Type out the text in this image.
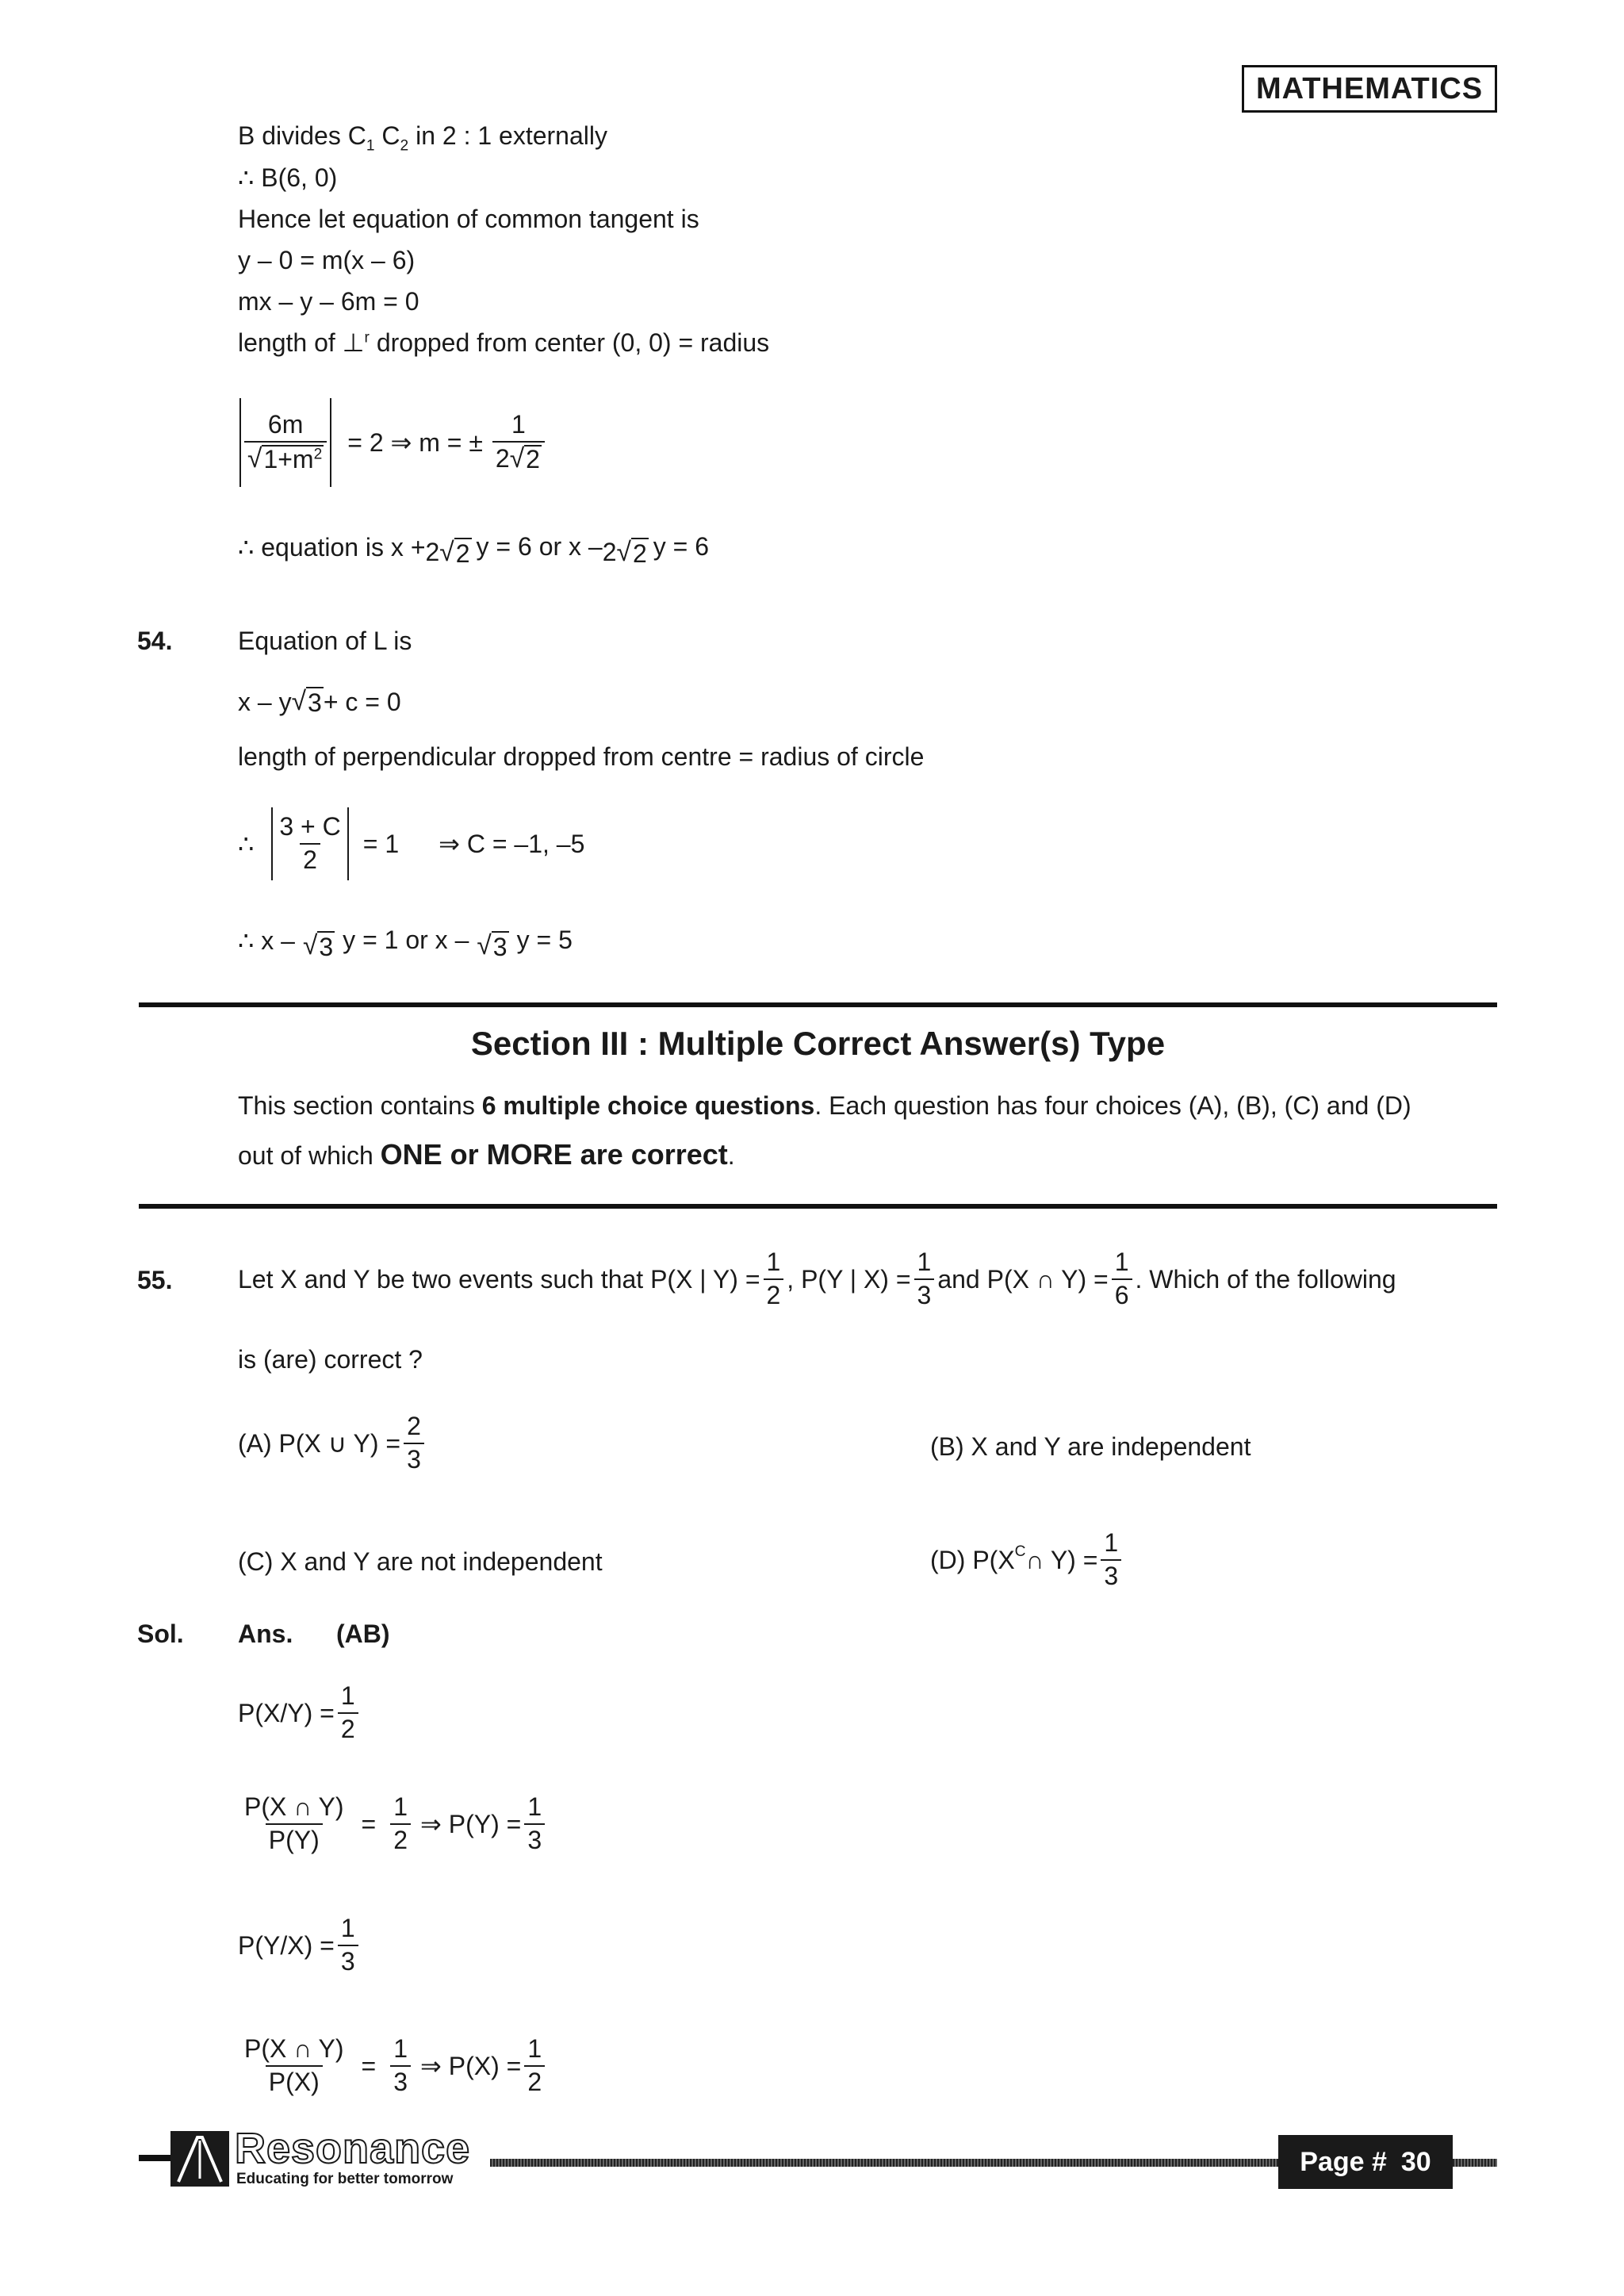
MATHEMATICS
B divides $C_1$ $C_2$ in 2 : 1 externally
∴ B(6, 0)
Hence let equation of common tangent is
y – 0 = m(x – 6)
mx – y – 6m = 0
length of ⊥$^r$ dropped from center (0, 0) = radius
$\frac{6m}{√ 1+m^2} = 2$ ⇒ m = ± $\frac{1}{2 √ 2}$
∴ equation is x + 2 √ 2 y = 6 or x – 2 √ 2 y = 6
54.	Equation of L is
x – y √ 3 + c = 0
length of perpendicular dropped from centre = radius of circle
∴ $\frac{3 + C}{2} = 1$ ⇒ C = –1, –5
∴ x – √ 3 y = 1 or x – √ 3 y = 5
Section III : Multiple Correct Answer(s) Type
This section contains 6 multiple choice questions. Each question has four choices (A), (B), (C) and (D)
out of which ONE or MORE are correct.
55.	Let X and Y be two events such that P(X | $Y) = \frac{1}{2}$ , P(Y | $X) = \frac{1}{3}$ and P(X ∩ $Y) = \frac{1}{6}$ . Which of the following
is (are) correct ?
(A) P(X ∪ $Y) = \frac{2}{3}$	(B) X and Y are independent
(C) X and Y are not independent	(D) $P(X^C$ ∩ $Y) = \frac{1}{3}$
Sol. Ans. (AB)
$P(X/Y) = \frac{1}{2}$
$\frac{P(X \cap Y)}{P(Y)} = \frac{1}{2}$ ⇒ $P(Y) = \frac{1}{3}$
$P(Y/X) = \frac{1}{3}$
$\frac{P(X \cap Y)}{P(X)} = \frac{1}{3}$ ⇒ $P(X) = \frac{1}{2}$
Resonance
Educating for better tomorrow
Page # 30
